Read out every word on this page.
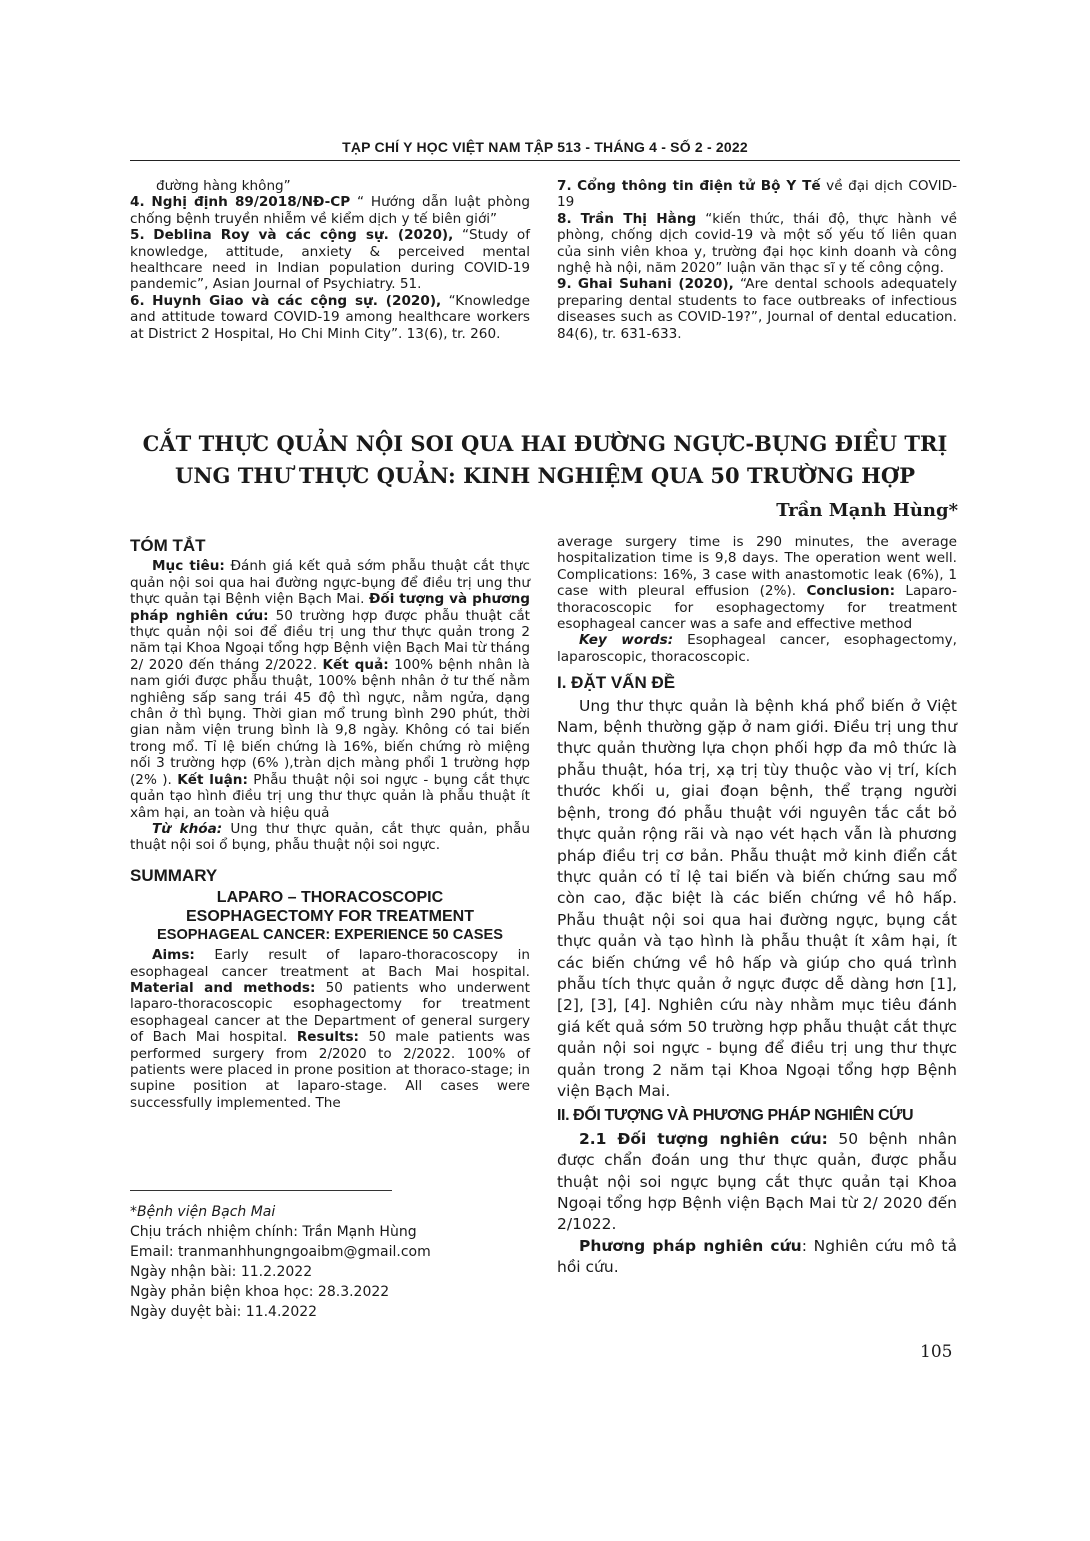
TẠP CHÍ Y HỌC VIỆT NAM TẬP 513 - THÁNG 4 - SỐ 2 - 2022

đường hàng không”

4. Nghị định 89/2018/NĐ-CP “ Hướng dẫn luật phòng chống bệnh truyền nhiễm về kiểm dịch y tế biên giới”

5. Deblina Roy và các cộng sự. (2020), “Study of knowledge, attitude, anxiety & perceived mental healthcare need in Indian population during COVID-19 pandemic”, Asian Journal of Psychiatry. 51.

6. Huynh Giao và các cộng sự. (2020), “Knowledge and attitude toward COVID-19 among healthcare workers at District 2 Hospital, Ho Chi Minh City”. 13(6), tr. 260.

7. Cổng thông tin điện tử Bộ Y Tế về đại dịch COVID-19

8. Trần Thị Hằng “kiến thức, thái độ, thực hành về phòng, chống dịch covid-19 và một số yếu tố liên quan của sinh viên khoa y, trường đại học kinh doanh và công nghệ hà nội, năm 2020” luận văn thạc sĩ y tế công cộng.

9. Ghai Suhani (2020), “Are dental schools adequately preparing dental students to face outbreaks of infectious diseases such as COVID-19?”, Journal of dental education. 84(6), tr. 631-633.

CẮT THỰC QUẢN NỘI SOI QUA HAI ĐƯỜNG NGỰC-BỤNG ĐIỀU TRỊ
UNG THƯ THỰC QUẢN: KINH NGHIỆM QUA 50 TRƯỜNG HỢP
Trần Mạnh Hùng*
TÓM TẮT

Mục tiêu: Đánh giá kết quả sớm phẫu thuật cắt thực quản nội soi qua hai đường ngực-bụng để điều trị ung thư thực quản tại Bệnh viện Bạch Mai. Đối tượng và phương pháp nghiên cứu: 50 trường hợp được phẫu thuật cắt thực quản nội soi để điều trị ung thư thực quản trong 2 năm tại Khoa Ngoại tổng hợp Bệnh viện Bạch Mai từ tháng 2/ 2020 đến tháng 2/2022. Kết quả: 100% bệnh nhân là nam giới được phẫu thuật, 100% bệnh nhân ở tư thế nằm nghiêng sấp sang trái 45 độ thì ngực, nằm ngửa, dạng chân ở thì bụng. Thời gian mổ trung bình 290 phút, thời gian nằm viện trung bình là 9,8 ngày. Không có tai biến trong mổ. Tỉ lệ biến chứng là 16%, biến chứng rò miệng nối 3 trường hợp (6% ),tràn dịch màng phổi 1 trường hợp (2% ). Kết luận: Phẫu thuật nội soi ngực - bụng cắt thực quản tạo hình điều trị ung thư thực quản là phẫu thuật ít xâm hại, an toàn và hiệu quả

Từ khóa: Ung thư thực quản, cắt thực quản, phẫu thuật nội soi ổ bụng, phẫu thuật nội soi ngực.

SUMMARY
LAPARO – THORACOSCOPIC
ESOPHAGECTOMY FOR TREATMENT
ESOPHAGEAL CANCER: EXPERIENCE 50 CASES

Aims: Early result of laparo-thoracoscopy in esophageal cancer treatment at Bach Mai hospital. Material and methods: 50 patients who underwent laparo-thoracoscopic esophagectomy for treatment esophageal cancer at the Department of general surgery of Bach Mai hospital. Results: 50 male patients was performed surgery from 2/2020 to 2/2022. 100% of patients were placed in prone position at thoraco-stage; in supine position at laparo-stage. All cases were successfully implemented. The

*Bệnh viện Bạch Mai
Chịu trách nhiệm chính: Trần Mạnh Hùng
Email: tranmanhhungngoaibm@gmail.com
Ngày nhận bài: 11.2.2022
Ngày phản biện khoa học: 28.3.2022
Ngày duyệt bài: 11.4.2022

average surgery time is 290 minutes, the average hospitalization time is 9,8 days. The operation went well. Complications: 16%, 3 case with anastomotic leak (6%), 1 case with pleural effusion (2%). Conclusion: Laparo-thoracoscopic for esophagectomy for treatment esophageal cancer was a safe and effective method

Key words: Esophageal cancer, esophagectomy, laparoscopic, thoracoscopic.

I. ĐẶT VẤN ĐỀ

Ung thư thực quản là bệnh khá phổ biến ở Việt Nam, bệnh thường gặp ở nam giới. Điều trị ung thư thực quản thường lựa chọn phối hợp đa mô thức là phẫu thuật, hóa trị, xạ trị tùy thuộc vào vị trí, kích thước khối u, giai đoạn bệnh, thể trạng người bệnh, trong đó phẫu thuật với nguyên tắc cắt bỏ thực quản rộng rãi và nạo vét hạch vẫn là phương pháp điều trị cơ bản. Phẫu thuật mở kinh điển cắt thực quản có tỉ lệ tai biến và biến chứng sau mổ còn cao, đặc biệt là các biến chứng về hô hấp. Phẫu thuật nội soi qua hai đường ngực, bụng cắt thực quản và tạo hình là phẫu thuật ít xâm hại, ít các biến chứng về hô hấp và giúp cho quá trình phẫu tích thực quản ở ngực được dễ dàng hơn [1], [2], [3], [4]. Nghiên cứu này nhằm mục tiêu đánh giá kết quả sớm 50 trường hợp phẫu thuật cắt thực quản nội soi ngực - bụng để điều trị ung thư thực quản trong 2 năm tại Khoa Ngoại tổng hợp Bệnh viện Bạch Mai.

II. ĐỐI TƯỢNG VÀ PHƯƠNG PHÁP NGHIÊN CỨU

2.1 Đối tượng nghiên cứu: 50 bệnh nhân được chẩn đoán ung thư thực quản, được phẫu thuật nội soi ngực bụng cắt thực quản tại Khoa Ngoại tổng hợp Bệnh viện Bạch Mai từ 2/ 2020 đến 2/1022.

Phương pháp nghiên cứu: Nghiên cứu mô tả hồi cứu.

105
